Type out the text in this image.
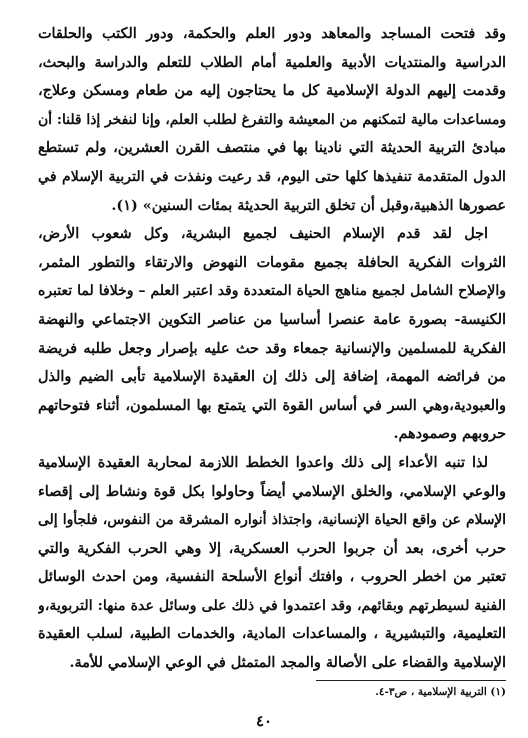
وقد فتحت المساجد والمعاهد ودور العلم والحكمة، ودور الكتب والحلقات

الدراسية والمنتديات الأدبية والعلمية أمام الطلاب للتعلم والدراسة والبحث،

وقدمت إليهم الدولة الإسلامية كل ما يحتاجون إليه من طعام ومسكن وعلاج،

ومساعدات مالية لتمكنهم من المعيشة والتفرغ لطلب العلم، وإنا لنفخر إذا قلنا: أن

مبادئ التربية الحديثة التي نادينا بها في منتصف القرن العشرين، ولم تستطع

الدول المتقدمة تنفيذها كلها حتى اليوم، قد رعيت ونفذت في التربية الإسلام في

عصورها الذهبية،وقبل أن تخلق التربية الحديثة بمئات السنين» (١).

اجل لقد قدم الإسلام الحنيف لجميع البشرية، وكل شعوب الأرض،

الثروات الفكرية الحافلة بجميع مقومات النهوض والارتقاء والتطور المثمر،

والإصلاح الشامل لجميع مناهج الحياة المتعددة وقد اعتبر العلم – وخلافا لما تعتبره

الكنيسة- بصورة عامة عنصرا أساسيا من عناصر التكوين الاجتماعي والنهضة

الفكرية للمسلمين والإنسانية جمعاء وقد حث عليه بإصرار وجعل طلبه فريضة

من فرائضه المهمة، إضافة إلى ذلك إن العقيدة الإسلامية تأبى الضيم والذل

والعبودية،وهي السر في أساس القوة التي يتمتع بها المسلمون، أثناء فتوحاتهم

حروبهم وصمودهم.

لذا تنبه الأعداء إلى ذلك واعدوا الخطط اللازمة لمحاربة العقيدة الإسلامية

والوعي الإسلامي، والخلق الإسلامي أيضاً وحاولوا بكل قوة ونشاط إلى إقصاء

الإسلام عن واقع الحياة الإنسانية، واجتذاذ أنواره المشرقة من النفوس، فلجأوا إلى

حرب أخرى، بعد أن جربوا الحرب العسكرية، إلا وهي الحرب الفكرية والتي

تعتبر من اخطر الحروب ، وافتك أنواع الأسلحة النفسية، ومن احدث الوسائل

الفنية لسيطرتهم وبقائهم، وقد اعتمدوا في ذلك على وسائل عدة منها: التربوية،و

التعليمية، والتبشيرية ، والمساعدات المادية، والخدمات الطبية، لسلب العقيدة

الإسلامية والقضاء على الأصالة والمجد المتمثل في الوعي الإسلامي للأمة.

(١) التربية الإسلامية ، ص٣-٤.
٤٠
